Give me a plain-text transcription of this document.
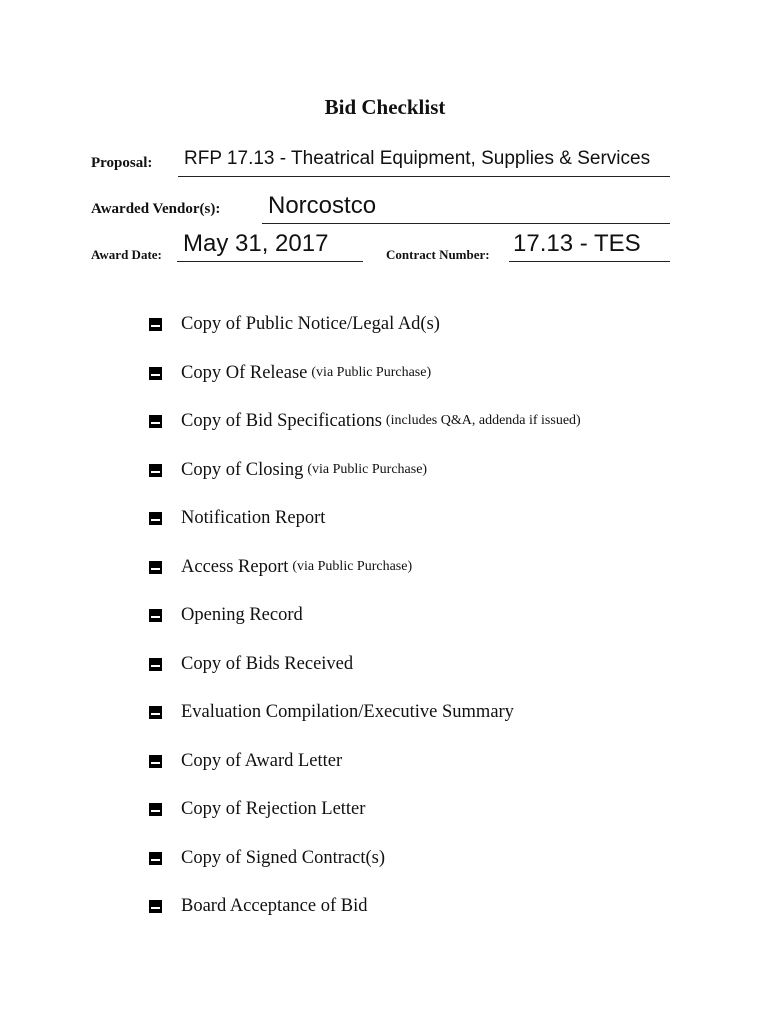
Bid Checklist
Proposal: RFP 17.13 - Theatrical Equipment, Supplies & Services
Awarded Vendor(s): Norcostco
Award Date: May 31, 2017	Contract Number: 17.13 - TES
Copy of Public Notice/Legal Ad(s)
Copy Of Release (via Public Purchase)
Copy of Bid Specifications (includes Q&A, addenda if issued)
Copy of Closing (via Public Purchase)
Notification Report
Access Report (via Public Purchase)
Opening Record
Copy of Bids Received
Evaluation Compilation/Executive Summary
Copy of Award Letter
Copy of Rejection Letter
Copy of Signed Contract(s)
Board Acceptance of Bid
